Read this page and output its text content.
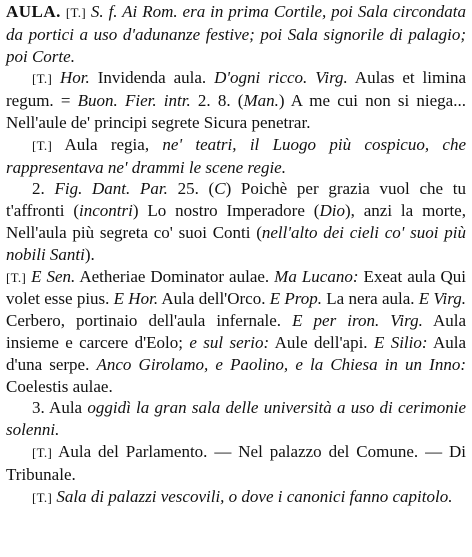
AULA. [T.] S. f. Ai Rom. era in prima Cortile, poi Sala circondata da portici a uso d'adunanze festive; poi Sala signorile di palagio; poi Corte.

[T.] Hor. Invidenda aula. D'ogni ricco. Virg. Aulas et limina regum. = Buon. Fier. intr. 2. 8. (Man.) A me cui non si niega... Nell'aule de' principi segrete Sicura penetrar.

[T.] Aula regia, ne' teatri, il Luogo più cospicuo, che rappresentava ne' drammi le scene regie.

2. Fig. Dant. Par. 25. (C) Poichè per grazia vuol che tu t'affronti (incontri) Lo nostro Imperadore (Dio), anzi la morte, Nell'aula più segreta co' suoi Conti (nell'alto dei cieli co' suoi più nobili Santi).

[T.] E Sen. Aetheriae Dominator aulae. Ma Lucano: Exeat aula Qui volet esse pius. E Hor. Aula dell'Orco. E Prop. La nera aula. E Virg. Cerbero, portinaio dell'aula infernale. E per iron. Virg. Aula insieme e carcere d'Eolo; e sul serio: Aule dell'api. E Silio: Aula d'una serpe. Anco Girolamo, e Paolino, e la Chiesa in un Inno: Coelestis aulae.

3. Aula oggidì la gran sala delle università a uso di cerimonie solenni.

[T.] Aula del Parlamento. — Nel palazzo del Comune. — Di Tribunale.

[T.] Sala di palazzi vescovili, o dove i canonici fanno capitolo.
